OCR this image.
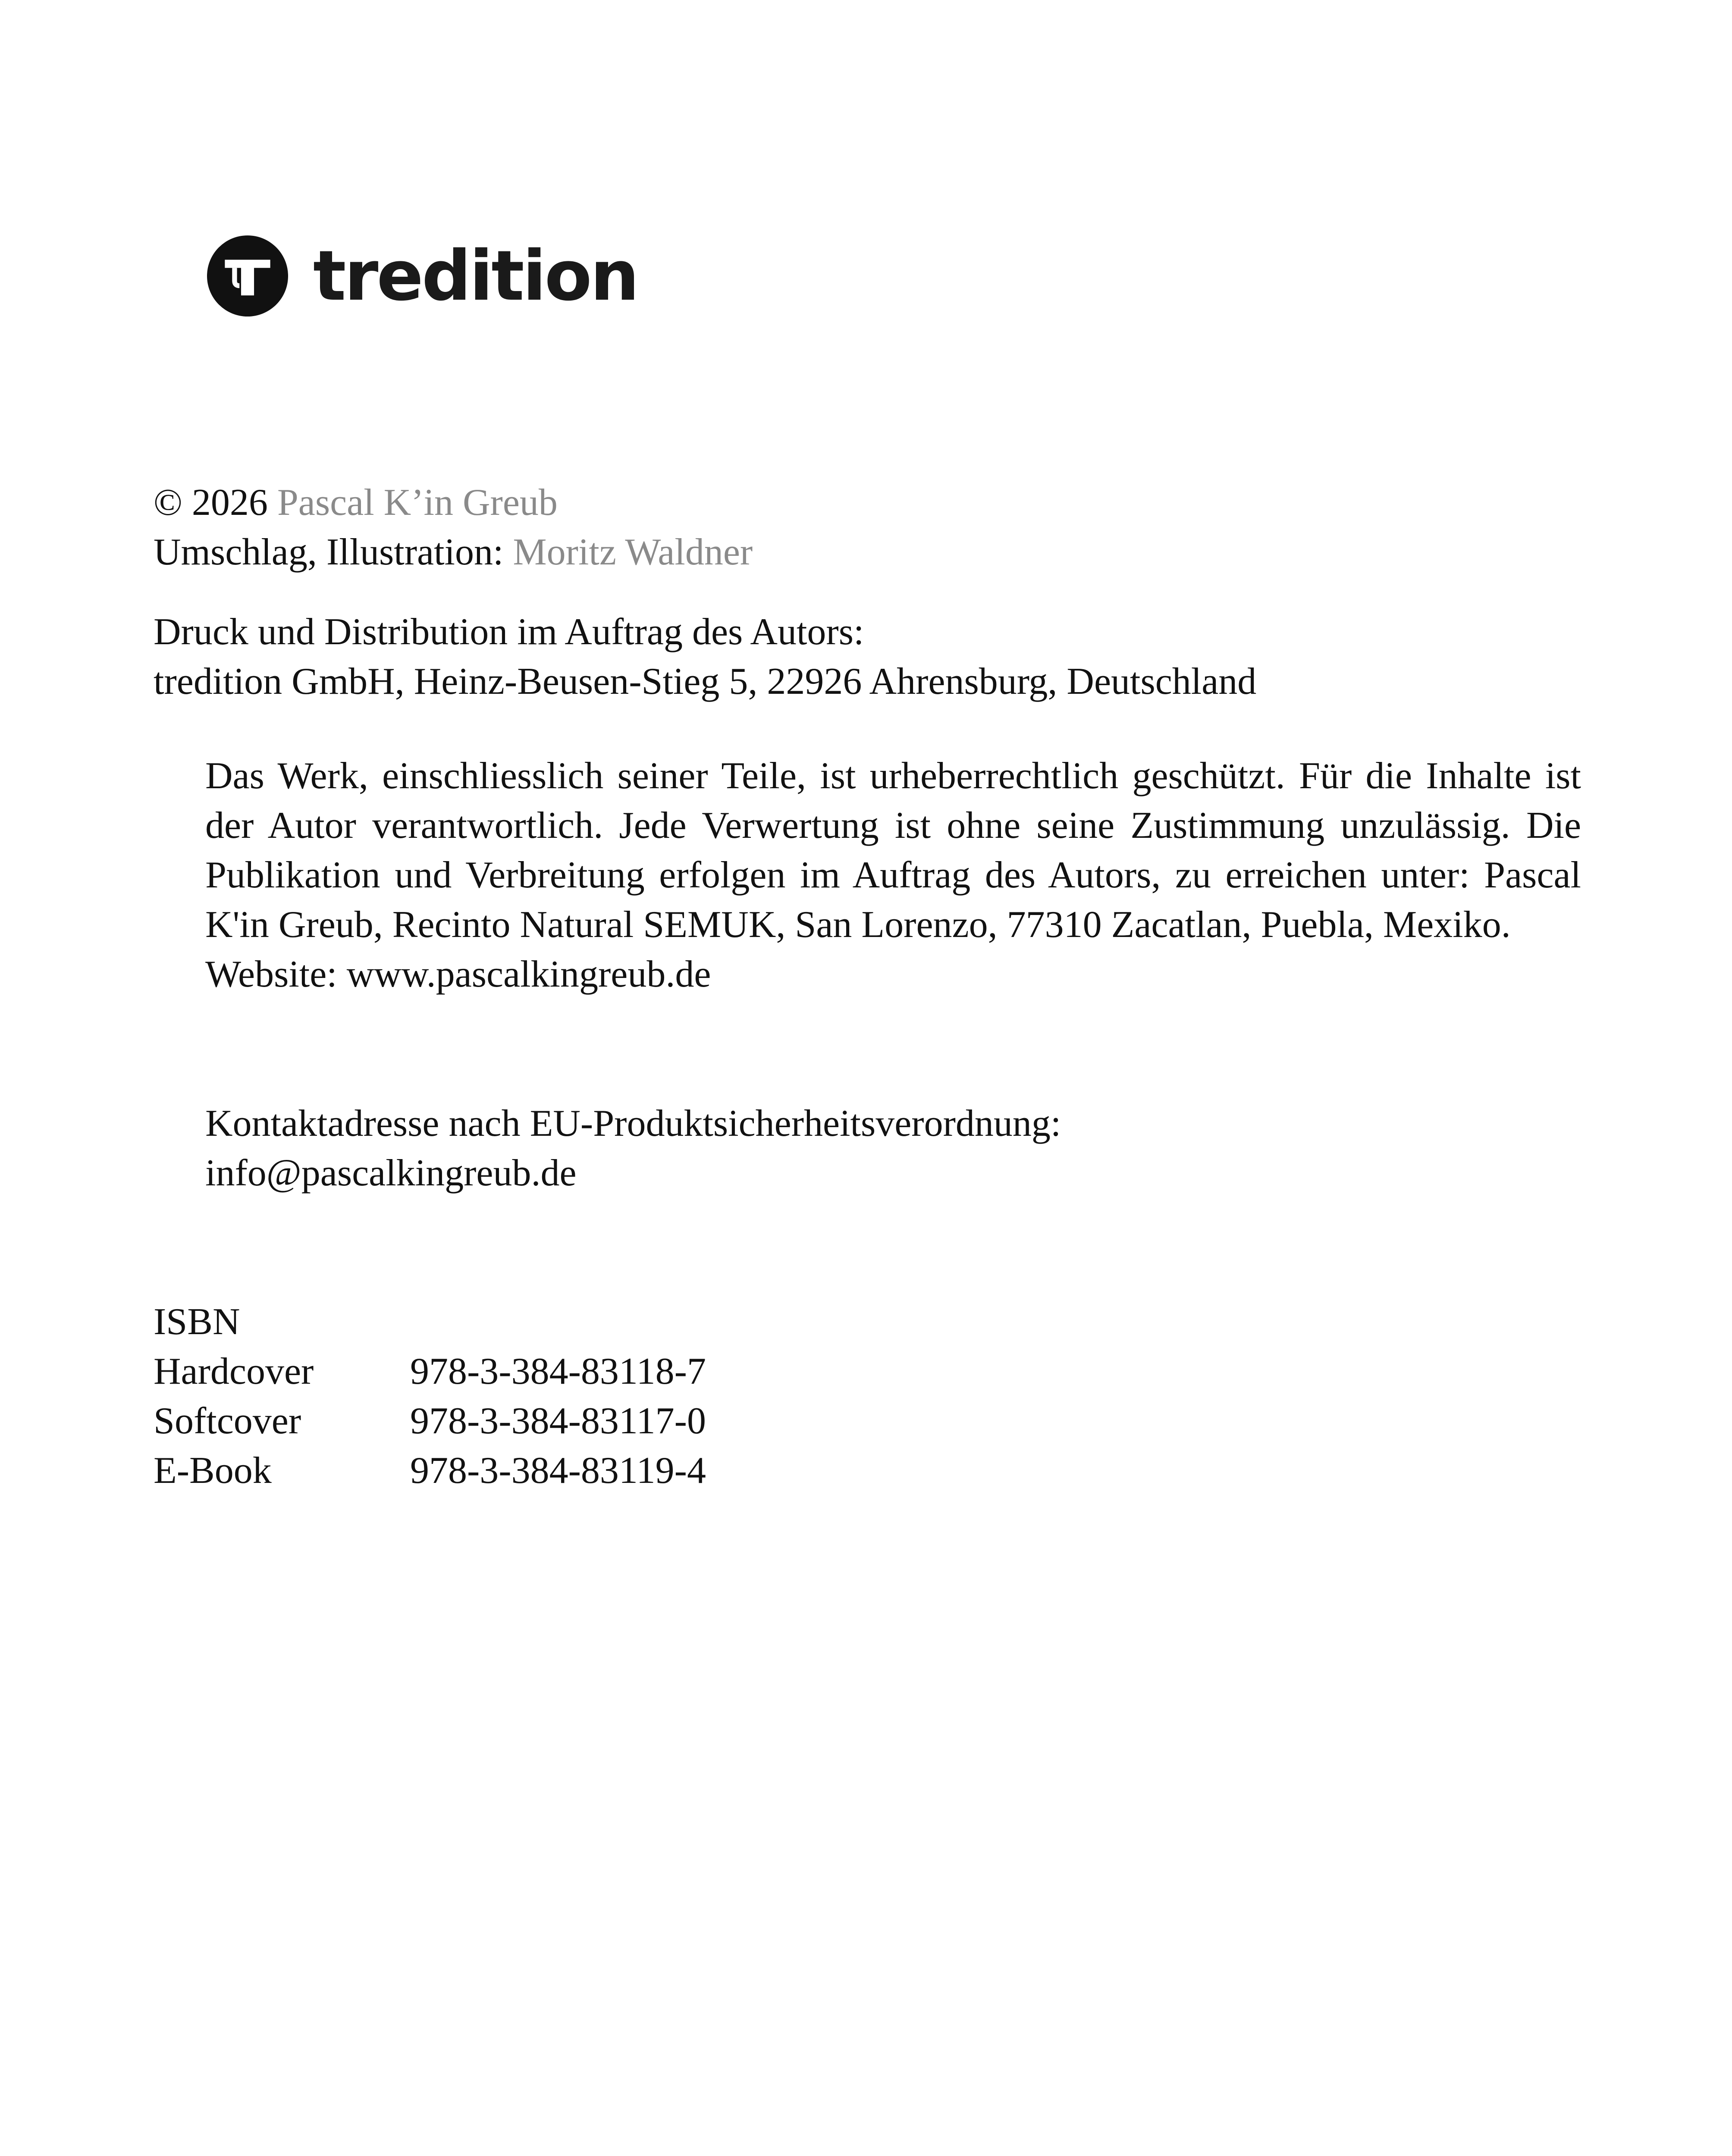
tredition
© 2026 Pascal K’in Greub
Umschlag, Illustration: Moritz Waldner
Druck und Distribution im Auftrag des Autors:
tredition GmbH, Heinz-Beusen-Stieg 5, 22926 Ahrensburg, Deutschland
Das Werk, einschliesslich seiner Teile, ist urheberrechtlich geschützt. Für die Inhalte ist der Autor verantwortlich. Jede Verwertung ist ohne seine Zustimmung unzulässig. Die Publikation und Verbreitung erfolgen im Auftrag des Autors, zu erreichen unter: Pascal K'in Greub, Recinto Natural SEMUK, San Lorenzo, 77310 Zacatlan, Puebla, Mexiko.
Website: www.pascalkingreub.de
Kontaktadresse nach EU-Produktsicherheitsverordnung:
info@pascalkingreub.de
ISBN
Hardcover	978-3-384-83118-7
Softcover	978-3-384-83117-0
E-Book	978-3-384-83119-4
